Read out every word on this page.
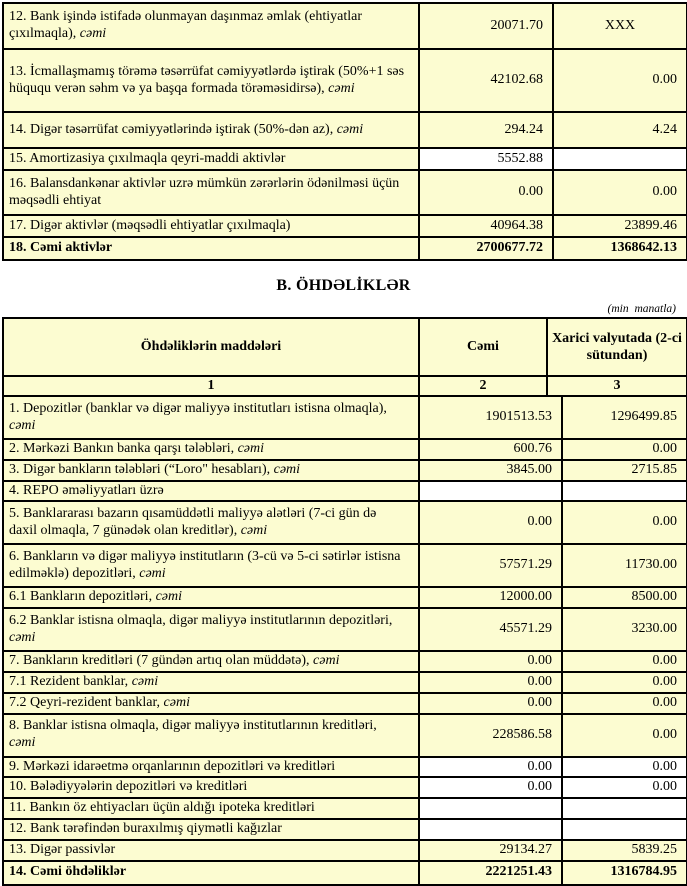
12. Bank işində istifadə olunmayan daşınmaz əmlak (ehtiyatlar çıxılmaqla), cəmi	20071.70	XXX
13. İcmallaşmamış törəmə təsərrüfat cəmiyyətlərdə iştirak (50%+1 səs hüququ verən səhm və ya başqa formada törəməsidirsə), cəmi	42102.68	0.00
14. Digər təsərrüfat cəmiyyətlərində iştirak (50%-dən az), cəmi	294.24	4.24
15. Amortizasiya çıxılmaqla qeyri-maddi aktivlər	5552.88	
16. Balansdankənar aktivlər uzrə mümkün zərərlərin ödənilməsi üçün məqsədli ehtiyat	0.00	0.00
17. Digər aktivlər (məqsədli ehtiyatlar çıxılmaqla)	40964.38	23899.46
18. Cəmi aktivlər	2700677.72	1368642.13
B. ÖHDƏLİKLƏR
(min manatla)
Öhdəliklərin maddələri	Cəmi	Xarici valyutada (2-ci sütundan)	
1	2	3	
1. Depozitlər (banklar və digər maliyyə institutları istisna olmaqla), cəmi	1901513.53		1296499.85
2. Mərkəzi Bankın banka qarşı tələbləri, cəmi	600.76		0.00
3. Digər bankların tələbləri (“Loro" hesabları), cəmi	3845.00		2715.85
4. REPO əməliyyatları üzrə			
5. Banklararası bazarın qısamüddətli maliyyə alətləri (7-ci gün də daxil olmaqla, 7 günədək olan kreditlər), cəmi	0.00		0.00
6. Bankların və digər maliyyə institutların (3-cü və 5-ci sətirlər istisna edilməklə) depozitləri, cəmi	57571.29		11730.00
6.1 Bankların depozitləri, cəmi	12000.00		8500.00
6.2 Banklar istisna olmaqla, digər maliyyə institutlarının depozitləri, cəmi	45571.29		3230.00
7. Bankların kreditləri (7 gündən artıq olan müddətə), cəmi	0.00		0.00
7.1 Rezident banklar, cəmi	0.00		0.00
7.2 Qeyri-rezident banklar, cəmi	0.00		0.00
8. Banklar istisna olmaqla, digər maliyyə institutlarının kreditləri, cəmi	228586.58		0.00
9. Mərkəzi idarəetmə orqanlarının depozitləri və kreditləri	0.00		0.00
10. Bələdiyyələrin depozitləri və kreditləri	0.00		0.00
11. Bankın öz ehtiyacları üçün aldığı ipoteka kreditləri			
12. Bank tərəfindən buraxılmış qiymətli kağızlar			
13. Digər passivlər	29134.27		5839.25
14. Cəmi öhdəliklər	2221251.43		1316784.95
